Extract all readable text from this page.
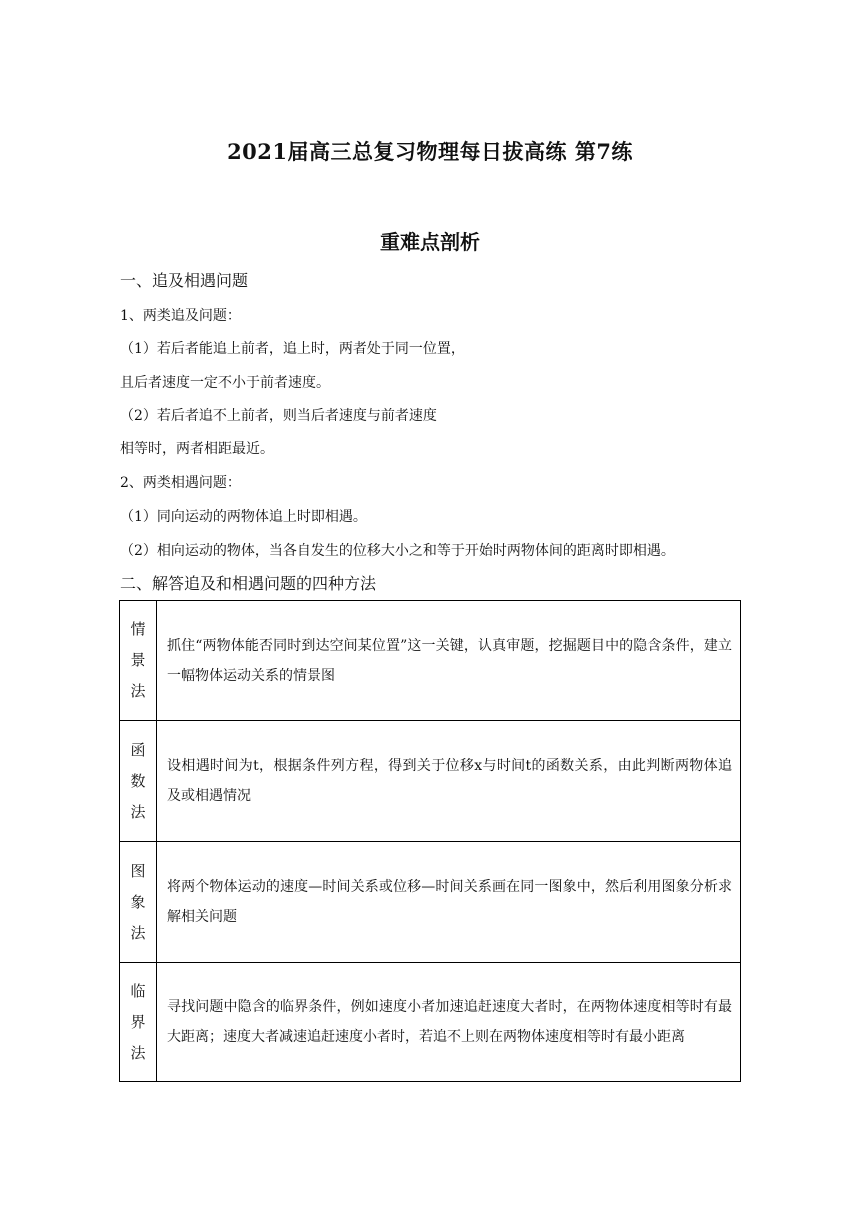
2021届高三总复习物理每日拔高练 第7练
重难点剖析
一、追及相遇问题
1、两类追及问题：
（1）若后者能追上前者，追上时，两者处于同一位置，
且后者速度一定不小于前者速度。
（2）若后者追不上前者，则当后者速度与前者速度
相等时，两者相距最近。
2、两类相遇问题：
（1）同向运动的两物体追上时即相遇。
（2）相向运动的物体，当各自发生的位移大小之和等于开始时两物体间的距离时即相遇。
二、解答追及和相遇问题的四种方法
情
景
法	抓住“两物体能否同时到达空间某位置”这一关键，认真审题，挖掘题目中的隐含条件，建立一幅物体运动关系的情景图

函
数
法	设相遇时间为t，根据条件列方程，得到关于位移x与时间t的函数关系，由此判断两物体追及或相遇情况

图
象
法	将两个物体运动的速度—时间关系或位移—时间关系画在同一图象中，然后利用图象分析求解相关问题

临
界
法	寻找问题中隐含的临界条件，例如速度小者加速追赶速度大者时，在两物体速度相等时有最大距离；速度大者减速追赶速度小者时，若追不上则在两物体速度相等时有最小距离
